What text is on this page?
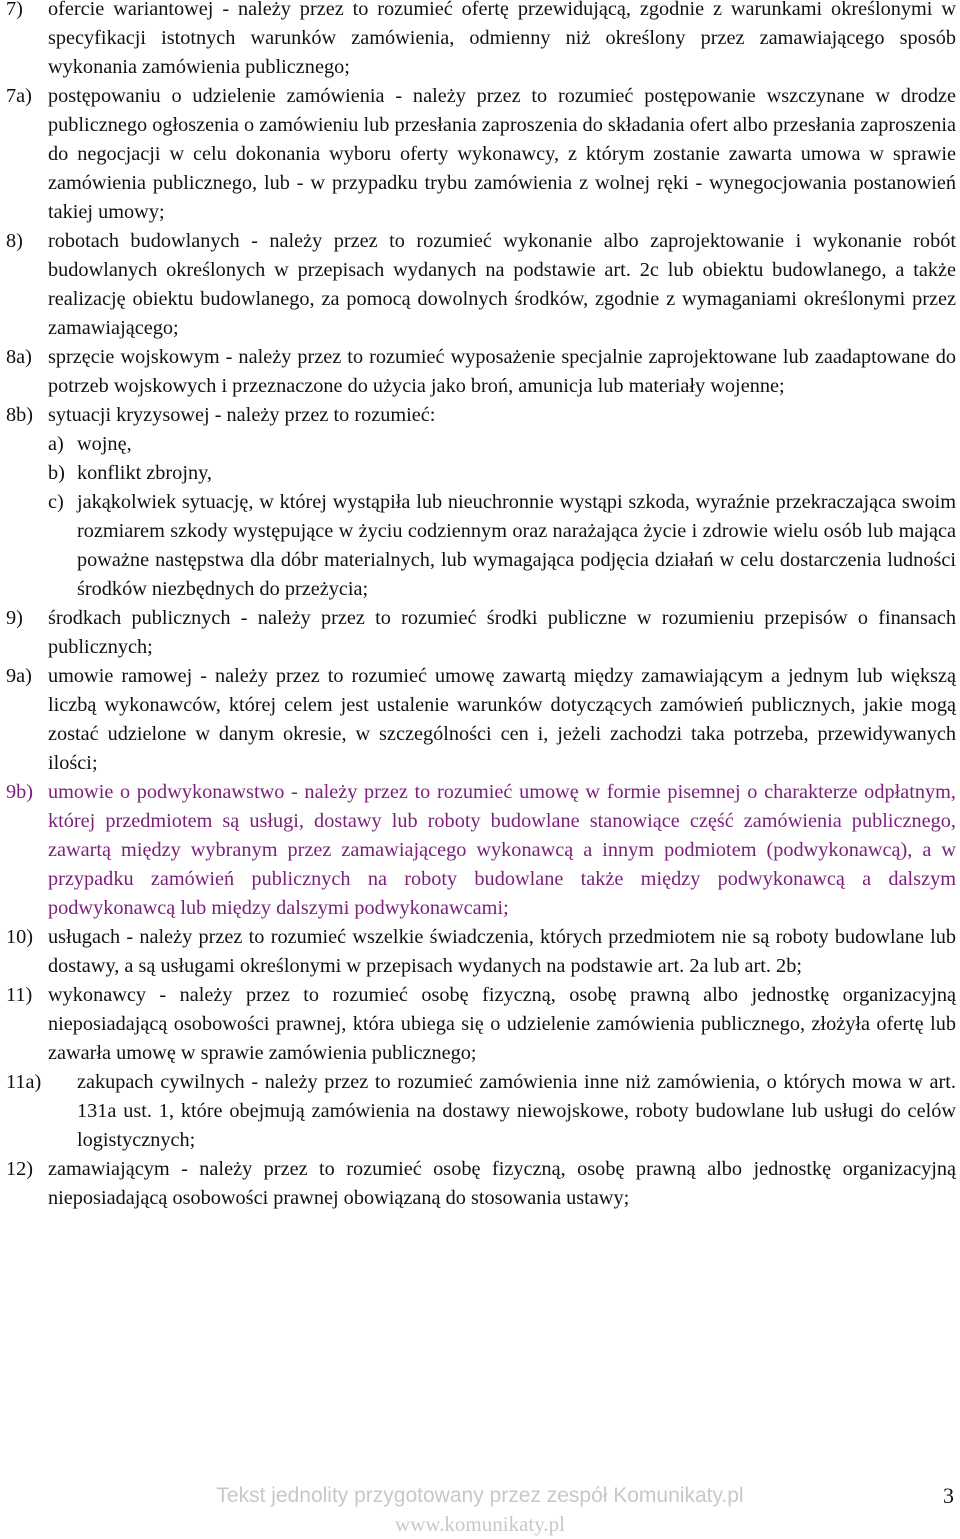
7)	ofercie wariantowej - należy przez to rozumieć ofertę przewidującą, zgodnie z warunkami określonymi w specyfikacji istotnych warunków zamówienia, odmienny niż określony przez zamawiającego sposób wykonania zamówienia publicznego;
7a) postępowaniu o udzielenie zamówienia - należy przez to rozumieć postępowanie wszczynane w drodze publicznego ogłoszenia o zamówieniu lub przesłania zaproszenia do składania ofert albo przesłania zaproszenia do negocjacji w celu dokonania wyboru oferty wykonawcy, z którym zostanie zawarta umowa w sprawie zamówienia publicznego, lub - w przypadku trybu zamówienia z wolnej ręki - wynegocjowania postanowień takiej umowy;
8)	robotach budowlanych - należy przez to rozumieć wykonanie albo zaprojektowanie i wykonanie robót budowlanych określonych w przepisach wydanych na podstawie art. 2c lub obiektu budowlanego, a także realizację obiektu budowlanego, za pomocą dowolnych środków, zgodnie z wymaganiami określonymi przez zamawiającego;
8a) sprzęcie wojskowym - należy przez to rozumieć wyposażenie specjalnie zaprojektowane lub zaadaptowane do potrzeb wojskowych i przeznaczone do użycia jako broń, amunicja lub materiały wojenne;
8b) sytuacji kryzysowej - należy przez to rozumieć:
a) wojnę,
b) konflikt zbrojny,
c) jakąkolwiek sytuację, w której wystąpiła lub nieuchronnie wystąpi szkoda, wyraźnie przekraczająca swoim rozmiarem szkody występujące w życiu codziennym oraz narażająca życie i zdrowie wielu osób lub mająca poważne następstwa dla dóbr materialnych, lub wymagająca podjęcia działań w celu dostarczenia ludności środków niezbędnych do przeżycia;
9)	środkach publicznych - należy przez to rozumieć środki publiczne w rozumieniu przepisów o finansach publicznych;
9a) umowie ramowej - należy przez to rozumieć umowę zawartą między zamawiającym a jednym lub większą liczbą wykonawców, której celem jest ustalenie warunków dotyczących zamówień publicznych, jakie mogą zostać udzielone w danym okresie, w szczególności cen i, jeżeli zachodzi taka potrzeba, przewidywanych ilości;
9b) umowie o podwykonawstwo - należy przez to rozumieć umowę w formie pisemnej o charakterze odpłatnym, której przedmiotem są usługi, dostawy lub roboty budowlane stanowiące część zamówienia publicznego, zawartą między wybranym przez zamawiającego wykonawcą a innym podmiotem (podwykonawcą), a w przypadku zamówień publicznych na roboty budowlane także między podwykonawcą a dalszym podwykonawcą lub między dalszymi podwykonawcami;
10) usługach - należy przez to rozumieć wszelkie świadczenia, których przedmiotem nie są roboty budowlane lub dostawy, a są usługami określonymi w przepisach wydanych na podstawie art. 2a lub art. 2b;
11) wykonawcy - należy przez to rozumieć osobę fizyczną, osobę prawną albo jednostkę organizacyjną nieposiadającą osobowości prawnej, która ubiega się o udzielenie zamówienia publicznego, złożyła ofertę lub zawarła umowę w sprawie zamówienia publicznego;
11a)	zakupach cywilnych - należy przez to rozumieć zamówienia inne niż zamówienia, o których mowa w art. 131a ust. 1, które obejmują zamówienia na dostawy niewojskowe, roboty budowlane lub usługi do celów logistycznych;
12) zamawiającym - należy przez to rozumieć osobę fizyczną, osobę prawną albo jednostkę organizacyjną nieposiadającą osobowości prawnej obowiązaną do stosowania ustawy;
Tekst jednolity przygotowany przez zespół Komunikaty.pl
www.komunikaty.pl
3
